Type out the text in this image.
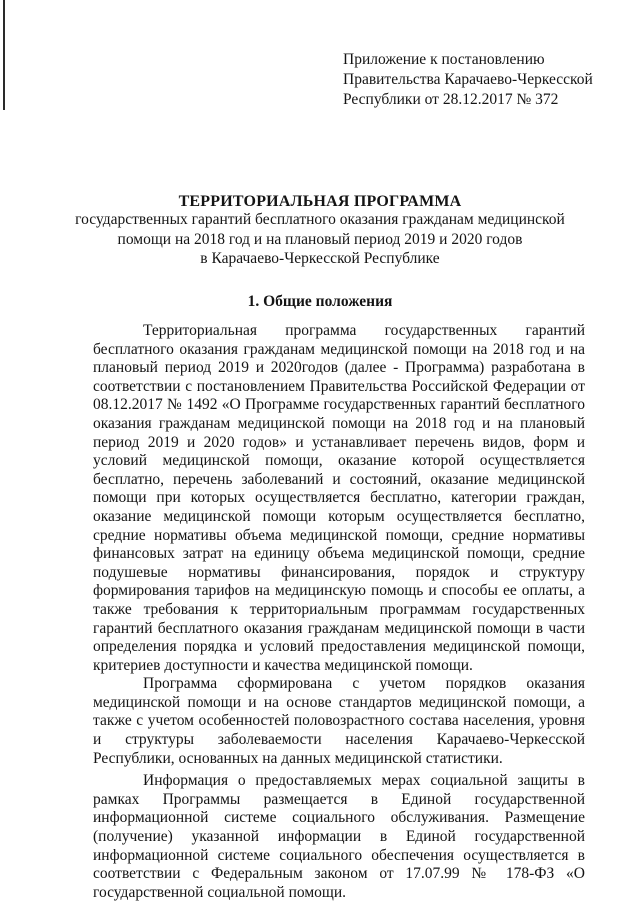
Приложение к постановлению
Правительства Карачаево-Черкесской
Республики от 28.12.2017 № 372
ТЕРРИТОРИАЛЬНАЯ ПРОГРАММА
государственных гарантий бесплатного оказания гражданам медицинской
помощи на 2018 год и на плановый период 2019 и 2020 годов
в Карачаево-Черкесской Республике
1. Общие положения

Территориальная программа государственных гарантий бесплатного оказания гражданам медицинской помощи на 2018 год и на плановый период 2019 и 2020годов (далее - Программа) разработана в соответствии с постановлением Правительства Российской Федерации от 08.12.2017 № 1492 «О Программе государственных гарантий бесплатного оказания гражданам медицинской помощи на 2018 год и на плановый период 2019 и 2020 годов» и устанавливает перечень видов, форм и условий медицинской помощи, оказание которой осуществляется бесплатно, перечень заболеваний и состояний, оказание медицинской помощи при которых осуществляется бесплатно, категории граждан, оказание медицинской помощи которым осуществляется бесплатно, средние нормативы объема медицинской помощи, средние нормативы финансовых затрат на единицу объема медицинской помощи, средние подушевые нормативы финансирования, порядок и структуру формирования тарифов на медицинскую помощь и способы ее оплаты, а также требования к территориальным программам государственных гарантий бесплатного оказания гражданам медицинской помощи в части определения порядка и условий предоставления медицинской помощи, критериев доступности и качества медицинской помощи.

Программа сформирована с учетом порядков оказания медицинской помощи и на основе стандартов медицинской помощи, а также с учетом особенностей половозрастного состава населения, уровня и структуры заболеваемости населения Карачаево-Черкесской Республики, основанных на данных медицинской статистики.

Информация о предоставляемых мерах социальной защиты в рамках Программы размещается в Единой государственной информационной системе социального обслуживания. Размещение (получение) указанной информации в Единой государственной информационной системе социального обеспечения осуществляется в соответствии с Федеральным законом от 17.07.99 № 178-ФЗ «О государственной социальной помощи.
